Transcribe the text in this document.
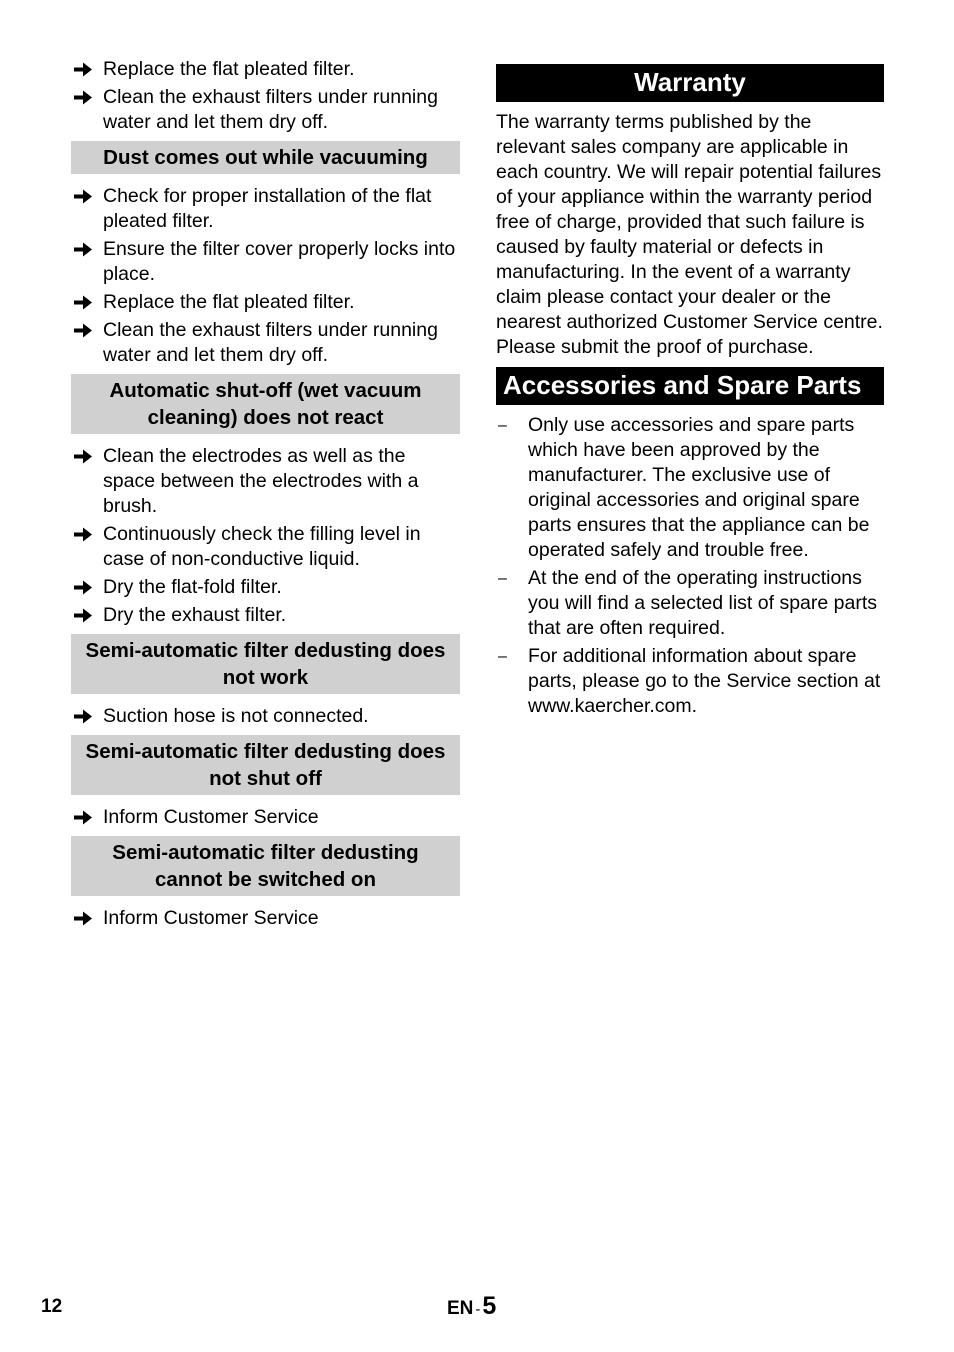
Replace the flat pleated filter.
Clean the exhaust filters under running water and let them dry off.
Dust comes out while vacuuming
Check for proper installation of the flat pleated filter.
Ensure the filter cover properly locks into place.
Replace the flat pleated filter.
Clean the exhaust filters under running water and let them dry off.
Automatic shut-off (wet vacuum cleaning) does not react
Clean the electrodes as well as the space between the electrodes with a brush.
Continuously check the filling level in case of non-conductive liquid.
Dry the flat-fold filter.
Dry the exhaust filter.
Semi-automatic filter dedusting does not work
Suction hose is not connected.
Semi-automatic filter dedusting does not shut off
Inform Customer Service
Semi-automatic filter dedusting cannot be switched on
Inform Customer Service
Warranty

The warranty terms published by the relevant sales company are applicable in each country. We will repair potential failures of your appliance within the warranty period free of charge, provided that such failure is caused by faulty material or defects in manufacturing. In the event of a warranty claim please contact your dealer or the nearest authorized Customer Service centre. Please submit the proof of purchase.

Accessories and Spare Parts
– Only use accessories and spare parts which have been approved by the manufacturer. The exclusive use of original accessories and original spare parts ensures that the appliance can be operated safely and trouble free.
– At the end of the operating instructions you will find a selected list of spare parts that are often required.
– For additional information about spare parts, please go to the Service section at www.kaercher.com.
12	EN -5
